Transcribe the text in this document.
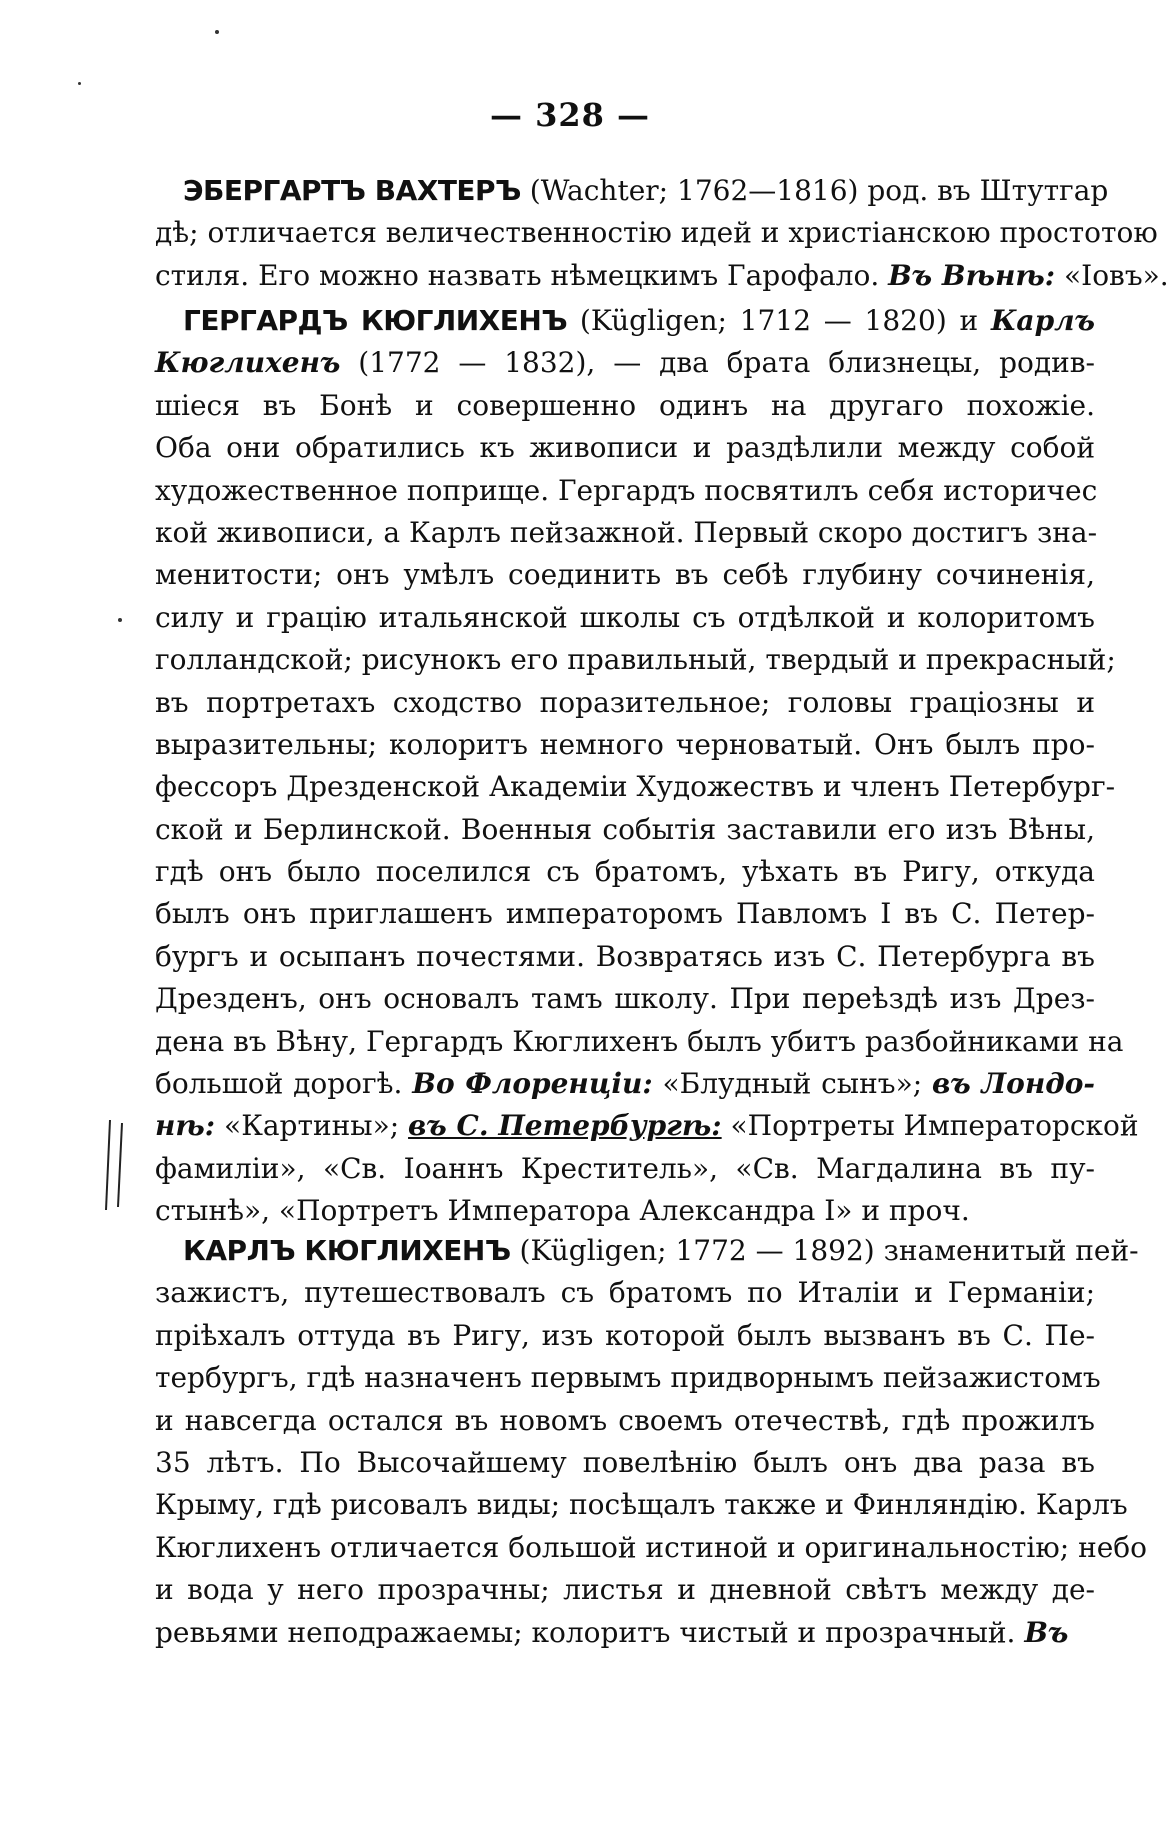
— 328 —
ЭБЕРГАРТЪ ВАХТЕРЪ (Wachter; 1762—1816) род. въ Штутгар
дѣ; отличается величественностію идей и христіанскою простотою
стиля. Его можно назвать нѣмецкимъ Гарофало. Въ Вѣнѣ: «Іовъ».
ГЕРГАРДЪ КЮГЛИХЕНЪ (Kügligen; 1712 — 1820) и Карлъ
Кюглихенъ (1772 — 1832), — два брата близнецы, родив-
шіеся въ Бонѣ и совершенно одинъ на другаго похожіе.
Оба они обратились къ живописи и раздѣлили между собой
художественное поприще. Гергардъ посвятилъ себя историчес
кой живописи, а Карлъ пейзажной. Первый скоро достигъ зна-
менитости; онъ умѣлъ соединить въ себѣ глубину сочиненія,
силу и грацію итальянской школы съ отдѣлкой и колоритомъ
голландской; рисунокъ его правильный, твердый и прекрасный;
въ портретахъ сходство поразительное; головы граціозны и
выразительны; колоритъ немного черноватый. Онъ былъ про-
фессоръ Дрезденской Академіи Художествъ и членъ Петербург-
ской и Берлинской. Военныя событія заставили его изъ Вѣны,
гдѣ онъ было поселился съ братомъ, уѣхать въ Ригу, откуда
былъ онъ приглашенъ императоромъ Павломъ I въ С. Петер-
бургъ и осыпанъ почестями. Возвратясь изъ С. Петербурга въ
Дрезденъ, онъ основалъ тамъ школу. При переѣздѣ изъ Дрез-
дена въ Вѣну, Гергардъ Кюглихенъ былъ убитъ разбойниками на
большой дорогѣ. Во Флоренціи: «Блудный сынъ»; въ Лондо-
нѣ: «Картины»; въ С. Петербургѣ: «Портреты Императорской
фамиліи», «Св. Іоаннъ Креститель», «Св. Магдалина въ пу-
стынѣ», «Портретъ Императора Александра I» и проч.
КАРЛЪ КЮГЛИХЕНЪ (Kügligen; 1772 — 1892) знаменитый пей-
зажистъ, путешествовалъ съ братомъ по Италіи и Германіи;
пріѣхалъ оттуда въ Ригу, изъ которой былъ вызванъ въ С. Пе-
тербургъ, гдѣ назначенъ первымъ придворнымъ пейзажистомъ
и навсегда остался въ новомъ своемъ отечествѣ, гдѣ прожилъ
35 лѣтъ. По Высочайшему повелѣнію былъ онъ два раза въ
Крыму, гдѣ рисовалъ виды; посѣщалъ также и Финляндію. Карлъ
Кюглихенъ отличается большой истиной и оригинальностію; небо
и вода у него прозрачны; листья и дневной свѣтъ между де-
ревьями неподражаемы; колоритъ чистый и прозрачный. Въ
